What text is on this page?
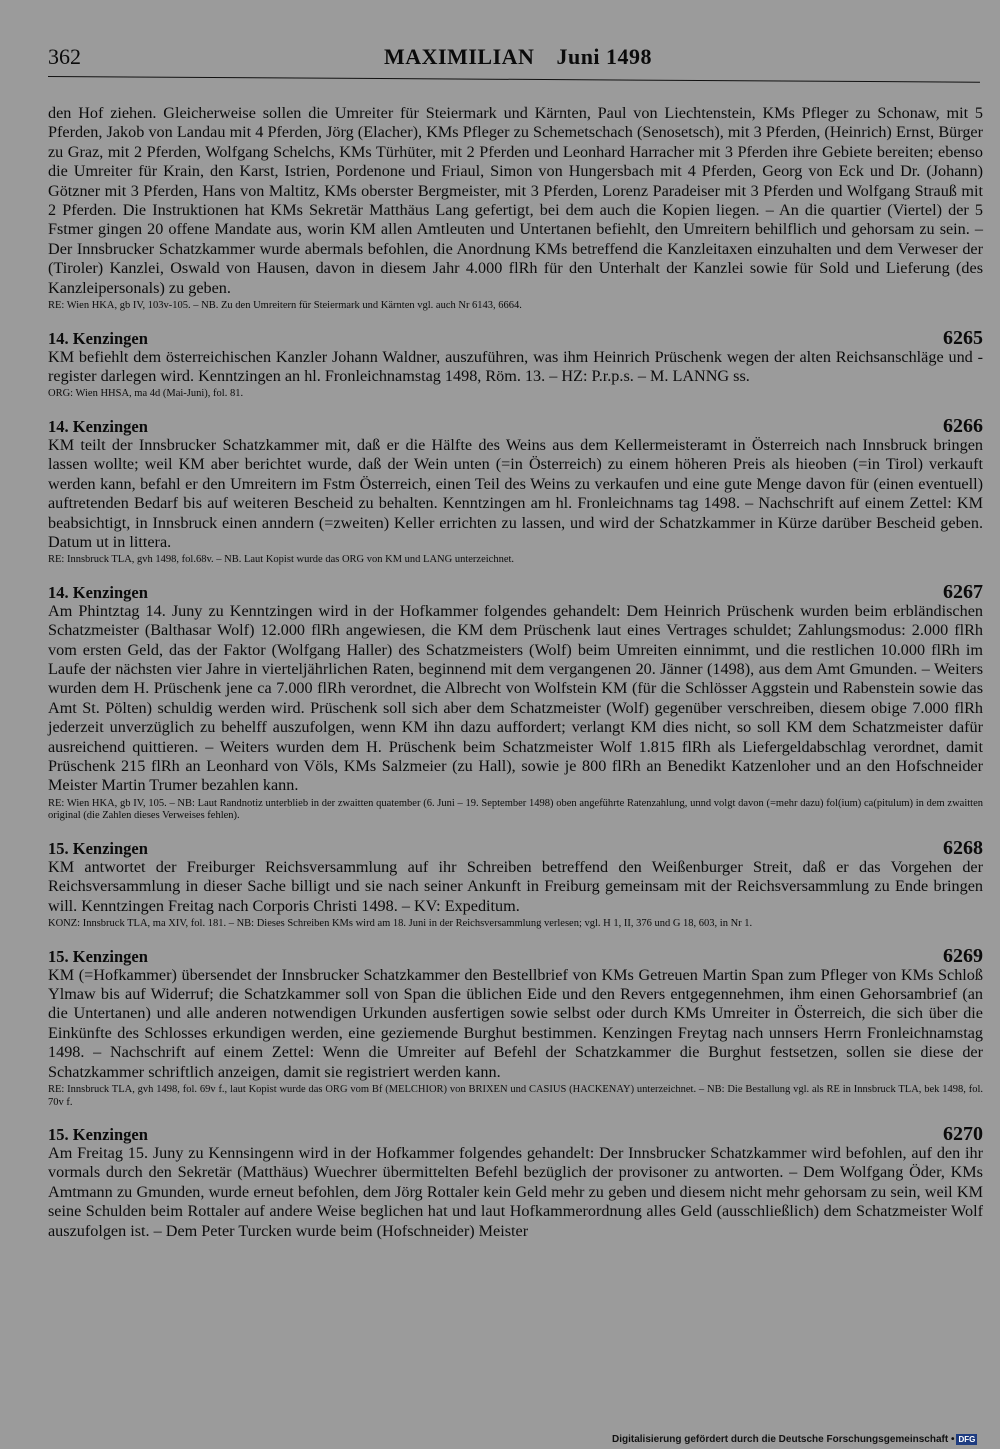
362	MAXIMILIAN Juni 1498

den Hof ziehen. Gleicherweise sollen die Umreiter für Steiermark und Kärnten, Paul von Liechtenstein, KMs Pfleger zu Schonaw, mit 5 Pferden, Jakob von Landau mit 4 Pferden, Jörg (Elacher), KMs Pfleger zu Schemetschach (Senosetsch), mit 3 Pferden, (Heinrich) Ernst, Bürger zu Graz, mit 2 Pferden, Wolfgang Schelchs, KMs Türhüter, mit 2 Pferden und Leonhard Harracher mit 3 Pferden ihre Gebiete bereiten; ebenso die Umreiter für Krain, den Karst, Istrien, Pordenone und Friaul, Simon von Hungersbach mit 4 Pferden, Georg von Eck und Dr. (Johann) Götzner mit 3 Pferden, Hans von Maltitz, KMs oberster Bergmeister, mit 3 Pferden, Lorenz Paradeiser mit 3 Pferden und Wolfgang Strauß mit 2 Pferden. Die Instruktionen hat KMs Sekretär Matthäus Lang gefertigt, bei dem auch die Kopien liegen. – An die quartier (Viertel) der 5 Fstmer gingen 20 offene Mandate aus, worin KM allen Amtleuten und Untertanen befiehlt, den Umreitern behilflich und gehorsam zu sein. – Der Innsbrucker Schatzkammer wurde abermals befohlen, die Anordnung KMs betreffend die Kanzleitaxen einzuhalten und dem Verweser der (Tiroler) Kanzlei, Oswald von Hausen, davon in diesem Jahr 4.000 flRh für den Unterhalt der Kanzlei sowie für Sold und Lieferung (des Kanzleipersonals) zu geben.

RE: Wien HKA, gb IV, 103v-105. – NB. Zu den Umreitern für Steiermark und Kärnten vgl. auch Nr 6143, 6664.

14. Kenzingen	6265

KM befiehlt dem österreichischen Kanzler Johann Waldner, auszuführen, was ihm Heinrich Prüschenk wegen der alten Reichsanschläge und -register darlegen wird. Kenntzingen an hl. Fronleichnamstag 1498, Röm. 13. – HZ: P.r.p.s. – M. LANNG ss.

ORG: Wien HHSA, ma 4d (Mai-Juni), fol. 81.

14. Kenzingen	6266

KM teilt der Innsbrucker Schatzkammer mit, daß er die Hälfte des Weins aus dem Kellermeisteramt in Österreich nach Innsbruck bringen lassen wollte; weil KM aber berichtet wurde, daß der Wein unten (=in Österreich) zu einem höheren Preis als hieoben (=in Tirol) verkauft werden kann, befahl er den Umreitern im Fstm Österreich, einen Teil des Weins zu verkaufen und eine gute Menge davon für (einen eventuell) auftretenden Bedarf bis auf weiteren Bescheid zu behalten. Kenntzingen am hl. Fronleichnams tag 1498. – Nachschrift auf einem Zettel: KM beabsichtigt, in Innsbruck einen anndern (=zweiten) Keller errichten zu lassen, und wird der Schatzkammer in Kürze darüber Bescheid geben. Datum ut in littera.

RE: Innsbruck TLA, gvh 1498, fol.68v. – NB. Laut Kopist wurde das ORG von KM und LANG unterzeichnet.

14. Kenzingen	6267

Am Phintztag 14. Juny zu Kenntzingen wird in der Hofkammer folgendes gehandelt: Dem Heinrich Prüschenk wurden beim erbländischen Schatzmeister (Balthasar Wolf) 12.000 flRh angewiesen, die KM dem Prüschenk laut eines Vertrages schuldet; Zahlungsmodus: 2.000 flRh vom ersten Geld, das der Faktor (Wolfgang Haller) des Schatzmeisters (Wolf) beim Umreiten einnimmt, und die restlichen 10.000 flRh im Laufe der nächsten vier Jahre in vierteljährlichen Raten, beginnend mit dem vergangenen 20. Jänner (1498), aus dem Amt Gmunden. – Weiters wurden dem H. Prüschenk jene ca 7.000 flRh verordnet, die Albrecht von Wolfstein KM (für die Schlösser Aggstein und Rabenstein sowie das Amt St. Pölten) schuldig werden wird. Prüschenk soll sich aber dem Schatzmeister (Wolf) gegenüber verschreiben, diesem obige 7.000 flRh jederzeit unverzüglich zu behelff auszufolgen, wenn KM ihn dazu auffordert; verlangt KM dies nicht, so soll KM dem Schatzmeister dafür ausreichend quittieren. – Weiters wurden dem H. Prüschenk beim Schatzmeister Wolf 1.815 flRh als Liefergeldabschlag verordnet, damit Prüschenk 215 flRh an Leonhard von Völs, KMs Salzmeier (zu Hall), sowie je 800 flRh an Benedikt Katzenloher und an den Hofschneider Meister Martin Trumer bezahlen kann.

RE: Wien HKA, gb IV, 105. – NB: Laut Randnotiz unterblieb in der zwaitten quatember (6. Juni – 19. September 1498) oben angeführte Ratenzahlung, unnd volgt davon (=mehr dazu) fol(ium) ca(pitulum) in dem zwaitten original (die Zahlen dieses Verweises fehlen).

15. Kenzingen	6268

KM antwortet der Freiburger Reichsversammlung auf ihr Schreiben betreffend den Weißenburger Streit, daß er das Vorgehen der Reichsversammlung in dieser Sache billigt und sie nach seiner Ankunft in Freiburg gemeinsam mit der Reichsversammlung zu Ende bringen will. Kenntzingen Freitag nach Corporis Christi 1498. – KV: Expeditum.

KONZ: Innsbruck TLA, ma XIV, fol. 181. – NB: Dieses Schreiben KMs wird am 18. Juni in der Reichsversammlung verlesen; vgl. H 1, II, 376 und G 18, 603, in Nr 1.

15. Kenzingen	6269

KM (=Hofkammer) übersendet der Innsbrucker Schatzkammer den Bestellbrief von KMs Getreuen Martin Span zum Pfleger von KMs Schloß Ylmaw bis auf Widerruf; die Schatzkammer soll von Span die üblichen Eide und den Revers entgegennehmen, ihm einen Gehorsambrief (an die Untertanen) und alle anderen notwendigen Urkunden ausfertigen sowie selbst oder durch KMs Umreiter in Österreich, die sich über die Einkünfte des Schlosses erkundigen werden, eine geziemende Burghut bestimmen. Kenzingen Freytag nach unnsers Herrn Fronleichnamstag 1498. – Nachschrift auf einem Zettel: Wenn die Umreiter auf Befehl der Schatzkammer die Burghut festsetzen, sollen sie diese der Schatzkammer schriftlich anzeigen, damit sie registriert werden kann.

RE: Innsbruck TLA, gvh 1498, fol. 69v f., laut Kopist wurde das ORG vom Bf (MELCHIOR) von BRIXEN und CASIUS (HACKENAY) unterzeichnet. – NB: Die Bestallung vgl. als RE in Innsbruck TLA, bek 1498, fol. 70v f.

15. Kenzingen	6270

Am Freitag 15. Juny zu Kennsingenn wird in der Hofkammer folgendes gehandelt: Der Innsbrucker Schatzkammer wird befohlen, auf den ihr vormals durch den Sekretär (Matthäus) Wuechrer übermittelten Befehl bezüglich der provisoner zu antworten. – Dem Wolfgang Öder, KMs Amtmann zu Gmunden, wurde erneut befohlen, dem Jörg Rottaler kein Geld mehr zu geben und diesem nicht mehr gehorsam zu sein, weil KM seine Schulden beim Rottaler auf andere Weise beglichen hat und laut Hofkammerordnung alles Geld (ausschließlich) dem Schatzmeister Wolf auszufolgen ist. – Dem Peter Turcken wurde beim (Hofschneider) Meister

Digitalisierung gefördert durch die Deutsche Forschungsgemeinschaft • DFG
